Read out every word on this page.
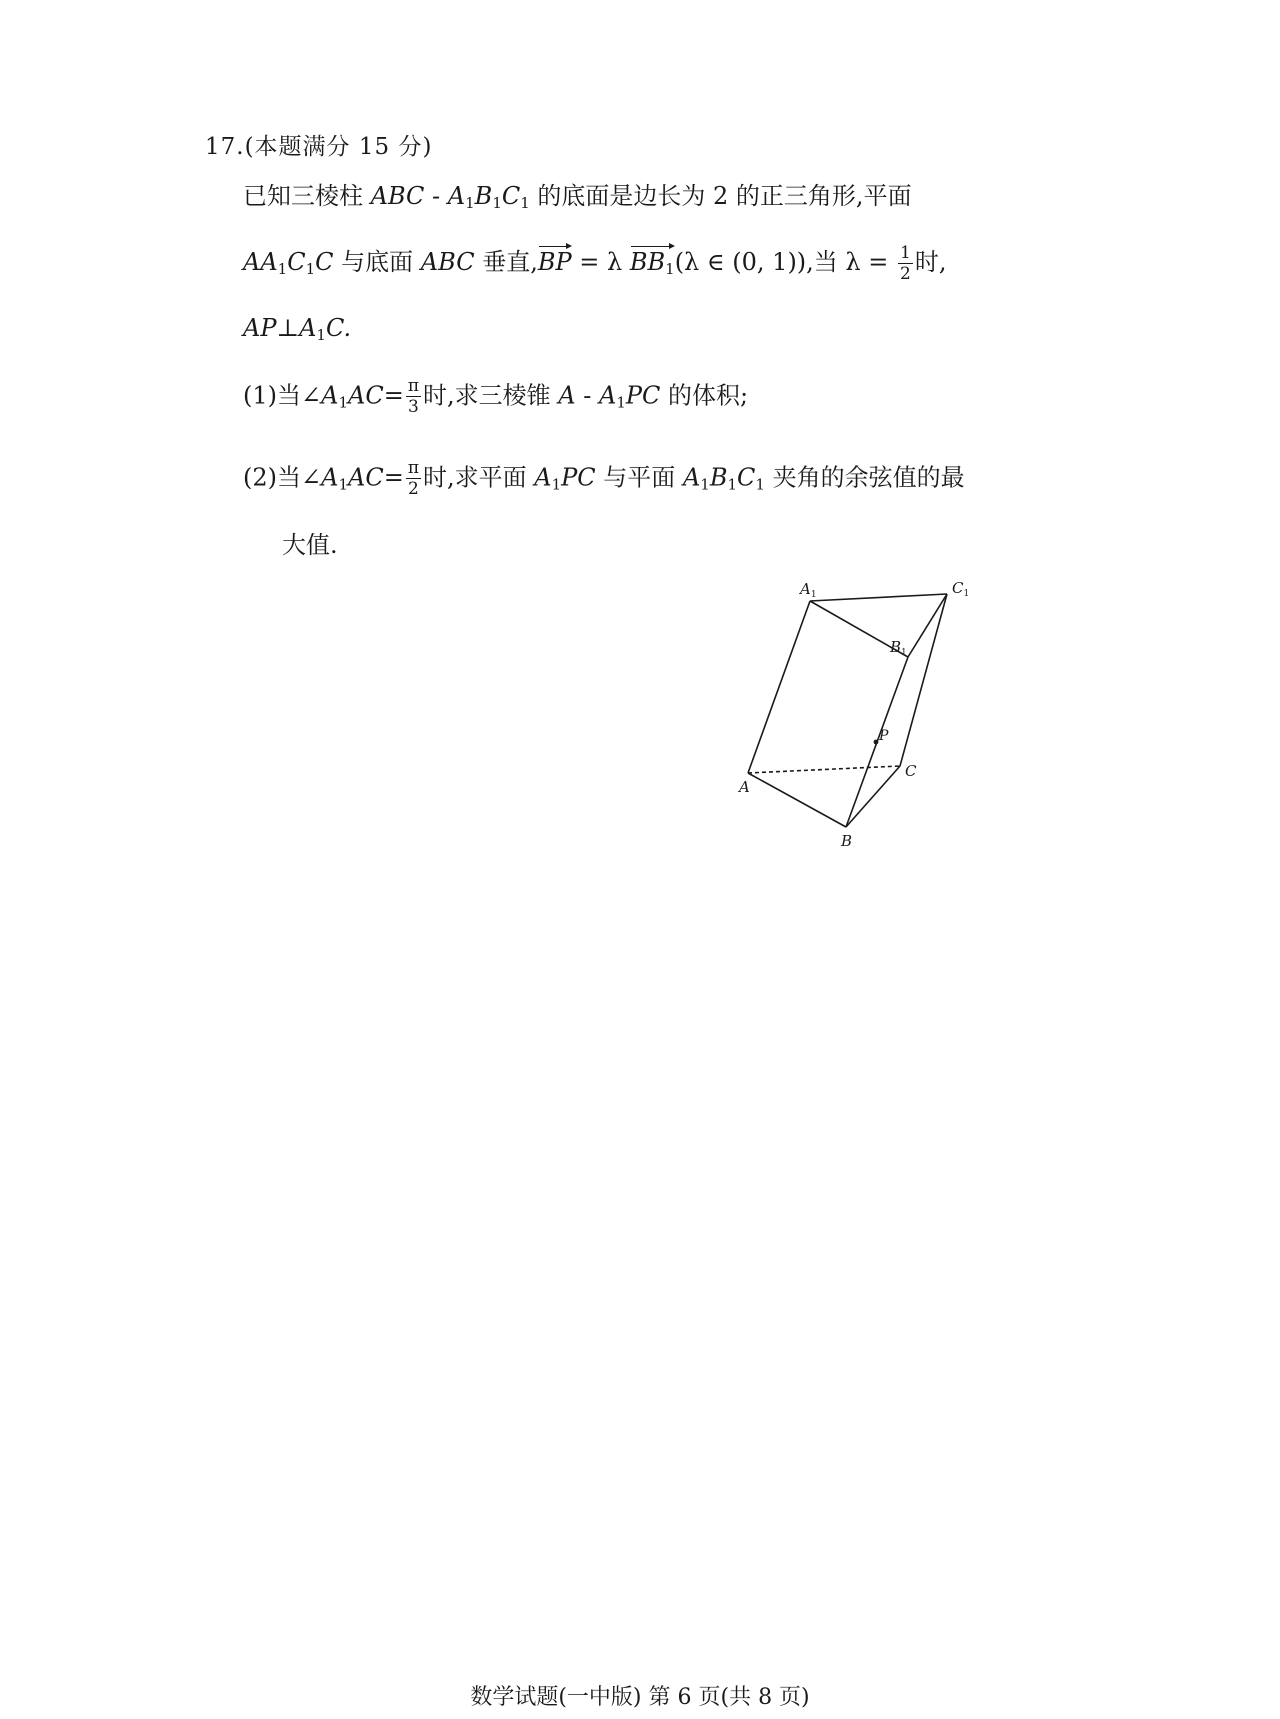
17.(本题满分 15 分)
已知三棱柱 ABC - $A_1B_1C_1$ 的底面是边长为 2 的正三角形,平面
$AA_1C_1C$ 与底面 ABC 垂直,BP = λ $BB_1(\lambda$ ∈ (0, 1)),当 $\lambda = \frac{1}{2}$ 时,
$AP\perp A_1C$.
(1)当$\angle A_1AC= \frac{\pi}{3}$ 时,求三棱锥 A - $A_1PC$ 的体积;
(2)当$\angle A_1AC= \frac{\pi}{2}$ 时,求平面 $A_1PC$ 与平面 $A_1B_1C_1$ 夹角的余弦值的最
大值.
$A_1$	$C_1$
$B_1$
P
C
A
B
数学试题(一中版) 第 6 页(共 8 页)
